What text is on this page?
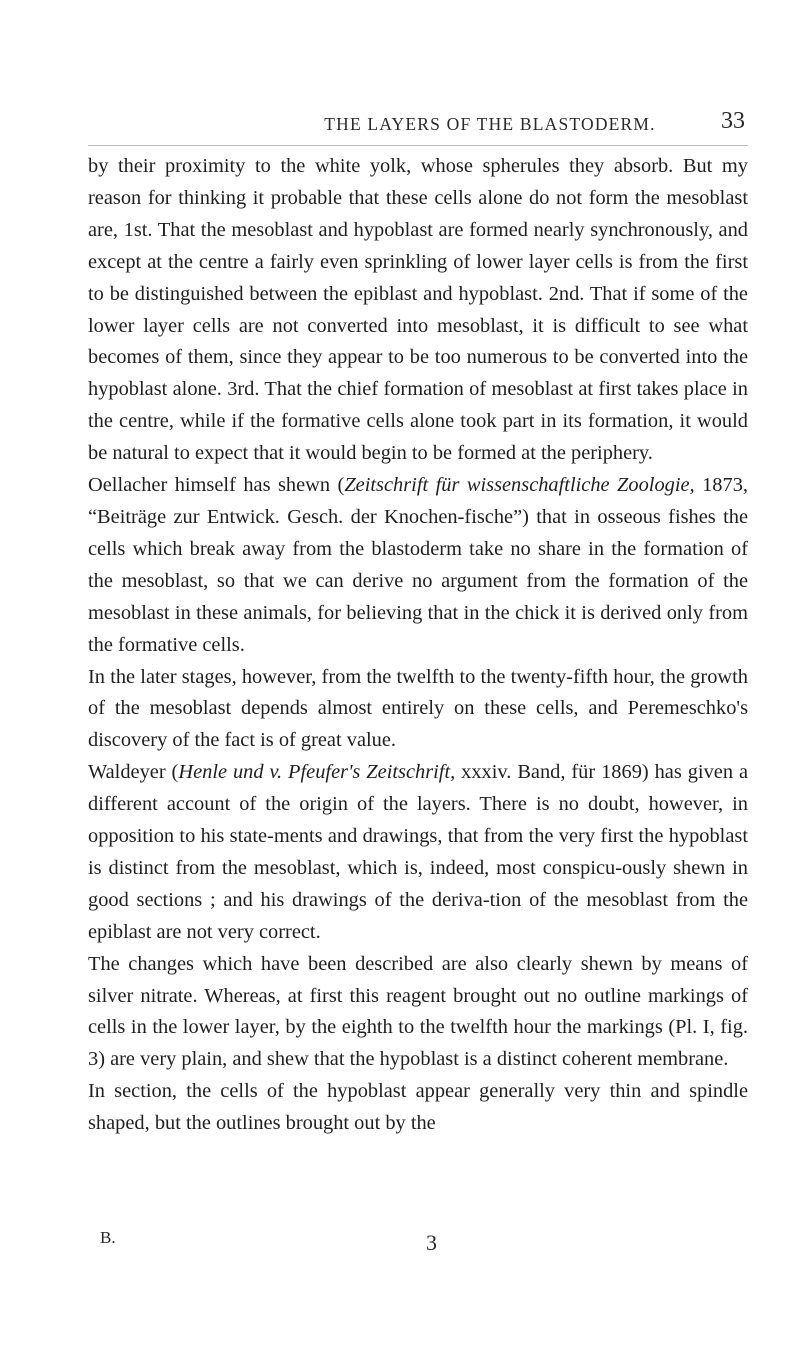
THE LAYERS OF THE BLASTODERM.	33

by their proximity to the white yolk, whose spherules they absorb. But my reason for thinking it probable that these cells alone do not form the mesoblast are, 1st. That the mesoblast and hypoblast are formed nearly synchronously, and except at the centre a fairly even sprinkling of lower layer cells is from the first to be distinguished between the epiblast and hypoblast. 2nd. That if some of the lower layer cells are not converted into mesoblast, it is difficult to see what becomes of them, since they appear to be too numerous to be converted into the hypoblast alone. 3rd. That the chief formation of mesoblast at first takes place in the centre, while if the formative cells alone took part in its formation, it would be natural to expect that it would begin to be formed at the periphery.

Oellacher himself has shewn (Zeitschrift für wissenschaftliche Zoologie, 1873, “Beiträge zur Entwick. Gesch. der Knochen-fische”) that in osseous fishes the cells which break away from the blastoderm take no share in the formation of the mesoblast, so that we can derive no argument from the formation of the mesoblast in these animals, for believing that in the chick it is derived only from the formative cells.

In the later stages, however, from the twelfth to the twenty-fifth hour, the growth of the mesoblast depends almost entirely on these cells, and Peremeschko's discovery of the fact is of great value.

Waldeyer (Henle und v. Pfeufer's Zeitschrift, xxxiv. Band, für 1869) has given a different account of the origin of the layers. There is no doubt, however, in opposition to his state-ments and drawings, that from the very first the hypoblast is distinct from the mesoblast, which is, indeed, most conspicu-ously shewn in good sections ; and his drawings of the deriva-tion of the mesoblast from the epiblast are not very correct.

The changes which have been described are also clearly shewn by means of silver nitrate. Whereas, at first this reagent brought out no outline markings of cells in the lower layer, by the eighth to the twelfth hour the markings (Pl. I, fig. 3) are very plain, and shew that the hypoblast is a distinct coherent membrane.

In section, the cells of the hypoblast appear generally very thin and spindle shaped, but the outlines brought out by the

B.	3
